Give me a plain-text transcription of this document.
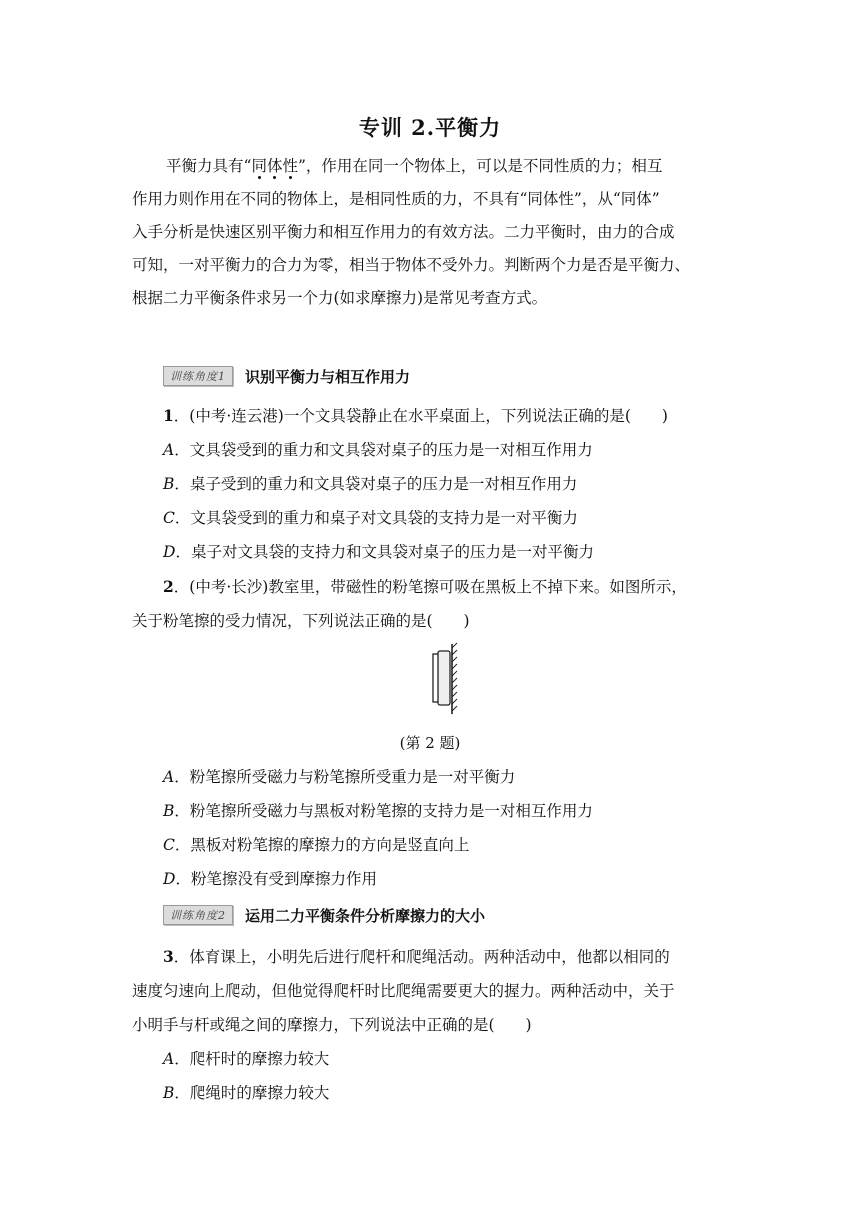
专训 2.平衡力

平衡力具有“同体性”，作用在同一个物体上，可以是不同性质的力；相互

作用力则作用在不同的物体上，是相同性质的力，不具有“同体性”，从“同体”

入手分析是快速区别平衡力和相互作用力的有效方法。二力平衡时，由力的合成

可知，一对平衡力的合力为零，相当于物体不受外力。判断两个力是否是平衡力、

根据二力平衡条件求另一个力(如求摩擦力)是常见考查方式。

训练角度1	识别平衡力与相互作用力
1．(中考·连云港)一个文具袋静止在水平桌面上，下列说法正确的是(　　)
A．文具袋受到的重力和文具袋对桌子的压力是一对相互作用力
B．桌子受到的重力和文具袋对桌子的压力是一对相互作用力
C．文具袋受到的重力和桌子对文具袋的支持力是一对平衡力
D．桌子对文具袋的支持力和文具袋对桌子的压力是一对平衡力
2．(中考·长沙)教室里，带磁性的粉笔擦可吸在黑板上不掉下来。如图所示，
关于粉笔擦的受力情况，下列说法正确的是(　　)
(第 2 题)
A．粉笔擦所受磁力与粉笔擦所受重力是一对平衡力
B．粉笔擦所受磁力与黑板对粉笔擦的支持力是一对相互作用力
C．黑板对粉笔擦的摩擦力的方向是竖直向上
D．粉笔擦没有受到摩擦力作用
训练角度2	运用二力平衡条件分析摩擦力的大小
3．体育课上，小明先后进行爬杆和爬绳活动。两种活动中，他都以相同的
速度匀速向上爬动，但他觉得爬杆时比爬绳需要更大的握力。两种活动中，关于
小明手与杆或绳之间的摩擦力，下列说法中正确的是(　　)
A．爬杆时的摩擦力较大
B．爬绳时的摩擦力较大
